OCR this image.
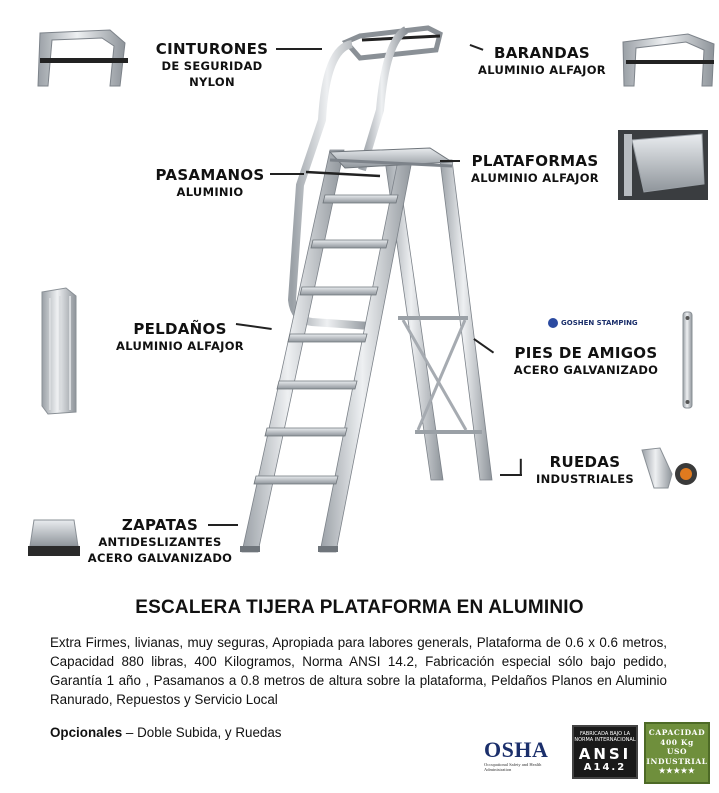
CINTURONES
DE SEGURIDAD
NYLON
BARANDAS
ALUMINIO ALFAJOR
PASAMANOS
ALUMINIO
PLATAFORMAS
ALUMINIO ALFAJOR
PELDAÑOS
ALUMINIO ALFAJOR	PIES DE AMIGOS
ACERO GALVANIZADO
RUEDAS
INDUSTRIALES
ZAPATAS
ANTIDESLIZANTES
ACERO GALVANIZADO
GOSHEN STAMPING
ESCALERA TIJERA PLATAFORMA EN ALUMINIO
Extra Firmes, livianas, muy seguras, Apropiada para labores generals, Plataforma de 0.6 x 0.6 metros, Capacidad 880 libras, 400 Kilogramos, Norma ANSI 14.2, Fabricación especial sólo bajo pedido, Garantía 1 año , Pasamanos a 0.8 metros de altura sobre la plataforma, Peldaños Planos en Aluminio Ranurado, Repuestos y Servicio Local
Opcionales – Doble Subida, y Ruedas
OSHA
Occupational Safety and Health Administration
FABRICADA BAJO LA NORMA INTERNACIONAL
ANSI
A14.2
CAPACIDAD
400 Kg
USO
INDUSTRIAL
★★★★★
